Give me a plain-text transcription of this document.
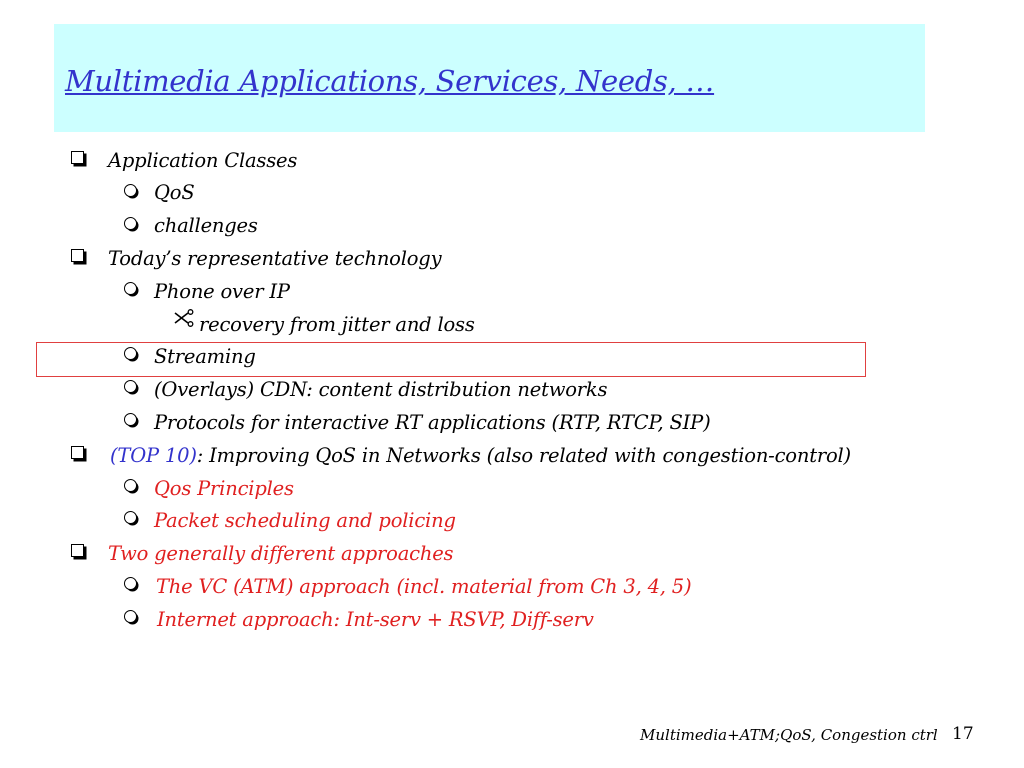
Multimedia Applications, Services, Needs, …
Application Classes
QoS
challenges
Today’s representative technology
Phone over IP
recovery from jitter and loss
Streaming
(Overlays) CDN: content distribution networks
Protocols for interactive RT applications (RTP, RTCP, SIP)
(TOP 10): Improving QoS in Networks (also related with congestion-control)
Qos Principles
Packet scheduling and policing
Two generally different approaches
The VC (ATM) approach (incl. material from Ch 3, 4, 5)
Internet approach: Int-serv + RSVP, Diff-serv
Multimedia+ATM;QoS, Congestion ctrl 17
